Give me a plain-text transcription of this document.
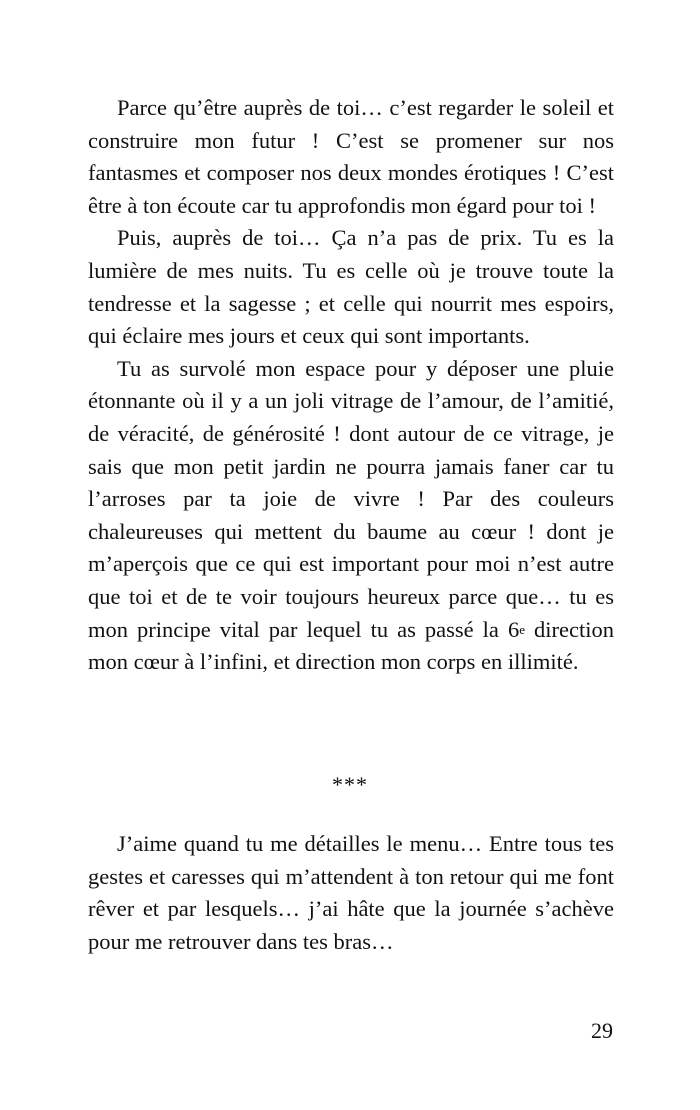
Parce qu’être auprès de toi… c’est regarder le soleil et construire mon futur ! C’est se promener sur nos fantasmes et composer nos deux mondes érotiques ! C’est être à ton écoute car tu approfondis mon égard pour toi !

Puis, auprès de toi… Ça n’a pas de prix. Tu es la lumière de mes nuits. Tu es celle où je trouve toute la tendresse et la sagesse ; et celle qui nourrit mes espoirs, qui éclaire mes jours et ceux qui sont importants.

Tu as survolé mon espace pour y déposer une pluie étonnante où il y a un joli vitrage de l’amour, de l’amitié, de véracité, de générosité ! dont autour de ce vitrage, je sais que mon petit jardin ne pourra jamais faner car tu l’arroses par ta joie de vivre ! Par des couleurs chaleureuses qui mettent du baume au cœur ! dont je m’aperçois que ce qui est important pour moi n’est autre que toi et de te voir toujours heureux parce que… tu es mon principe vital par lequel tu as passé la 6e direction mon cœur à l’infini, et direction mon corps en illimité.

***

J’aime quand tu me détailles le menu… Entre tous tes gestes et caresses qui m’attendent à ton retour qui me font rêver et par lesquels… j’ai hâte que la journée s’achève pour me retrouver dans tes bras…

29
